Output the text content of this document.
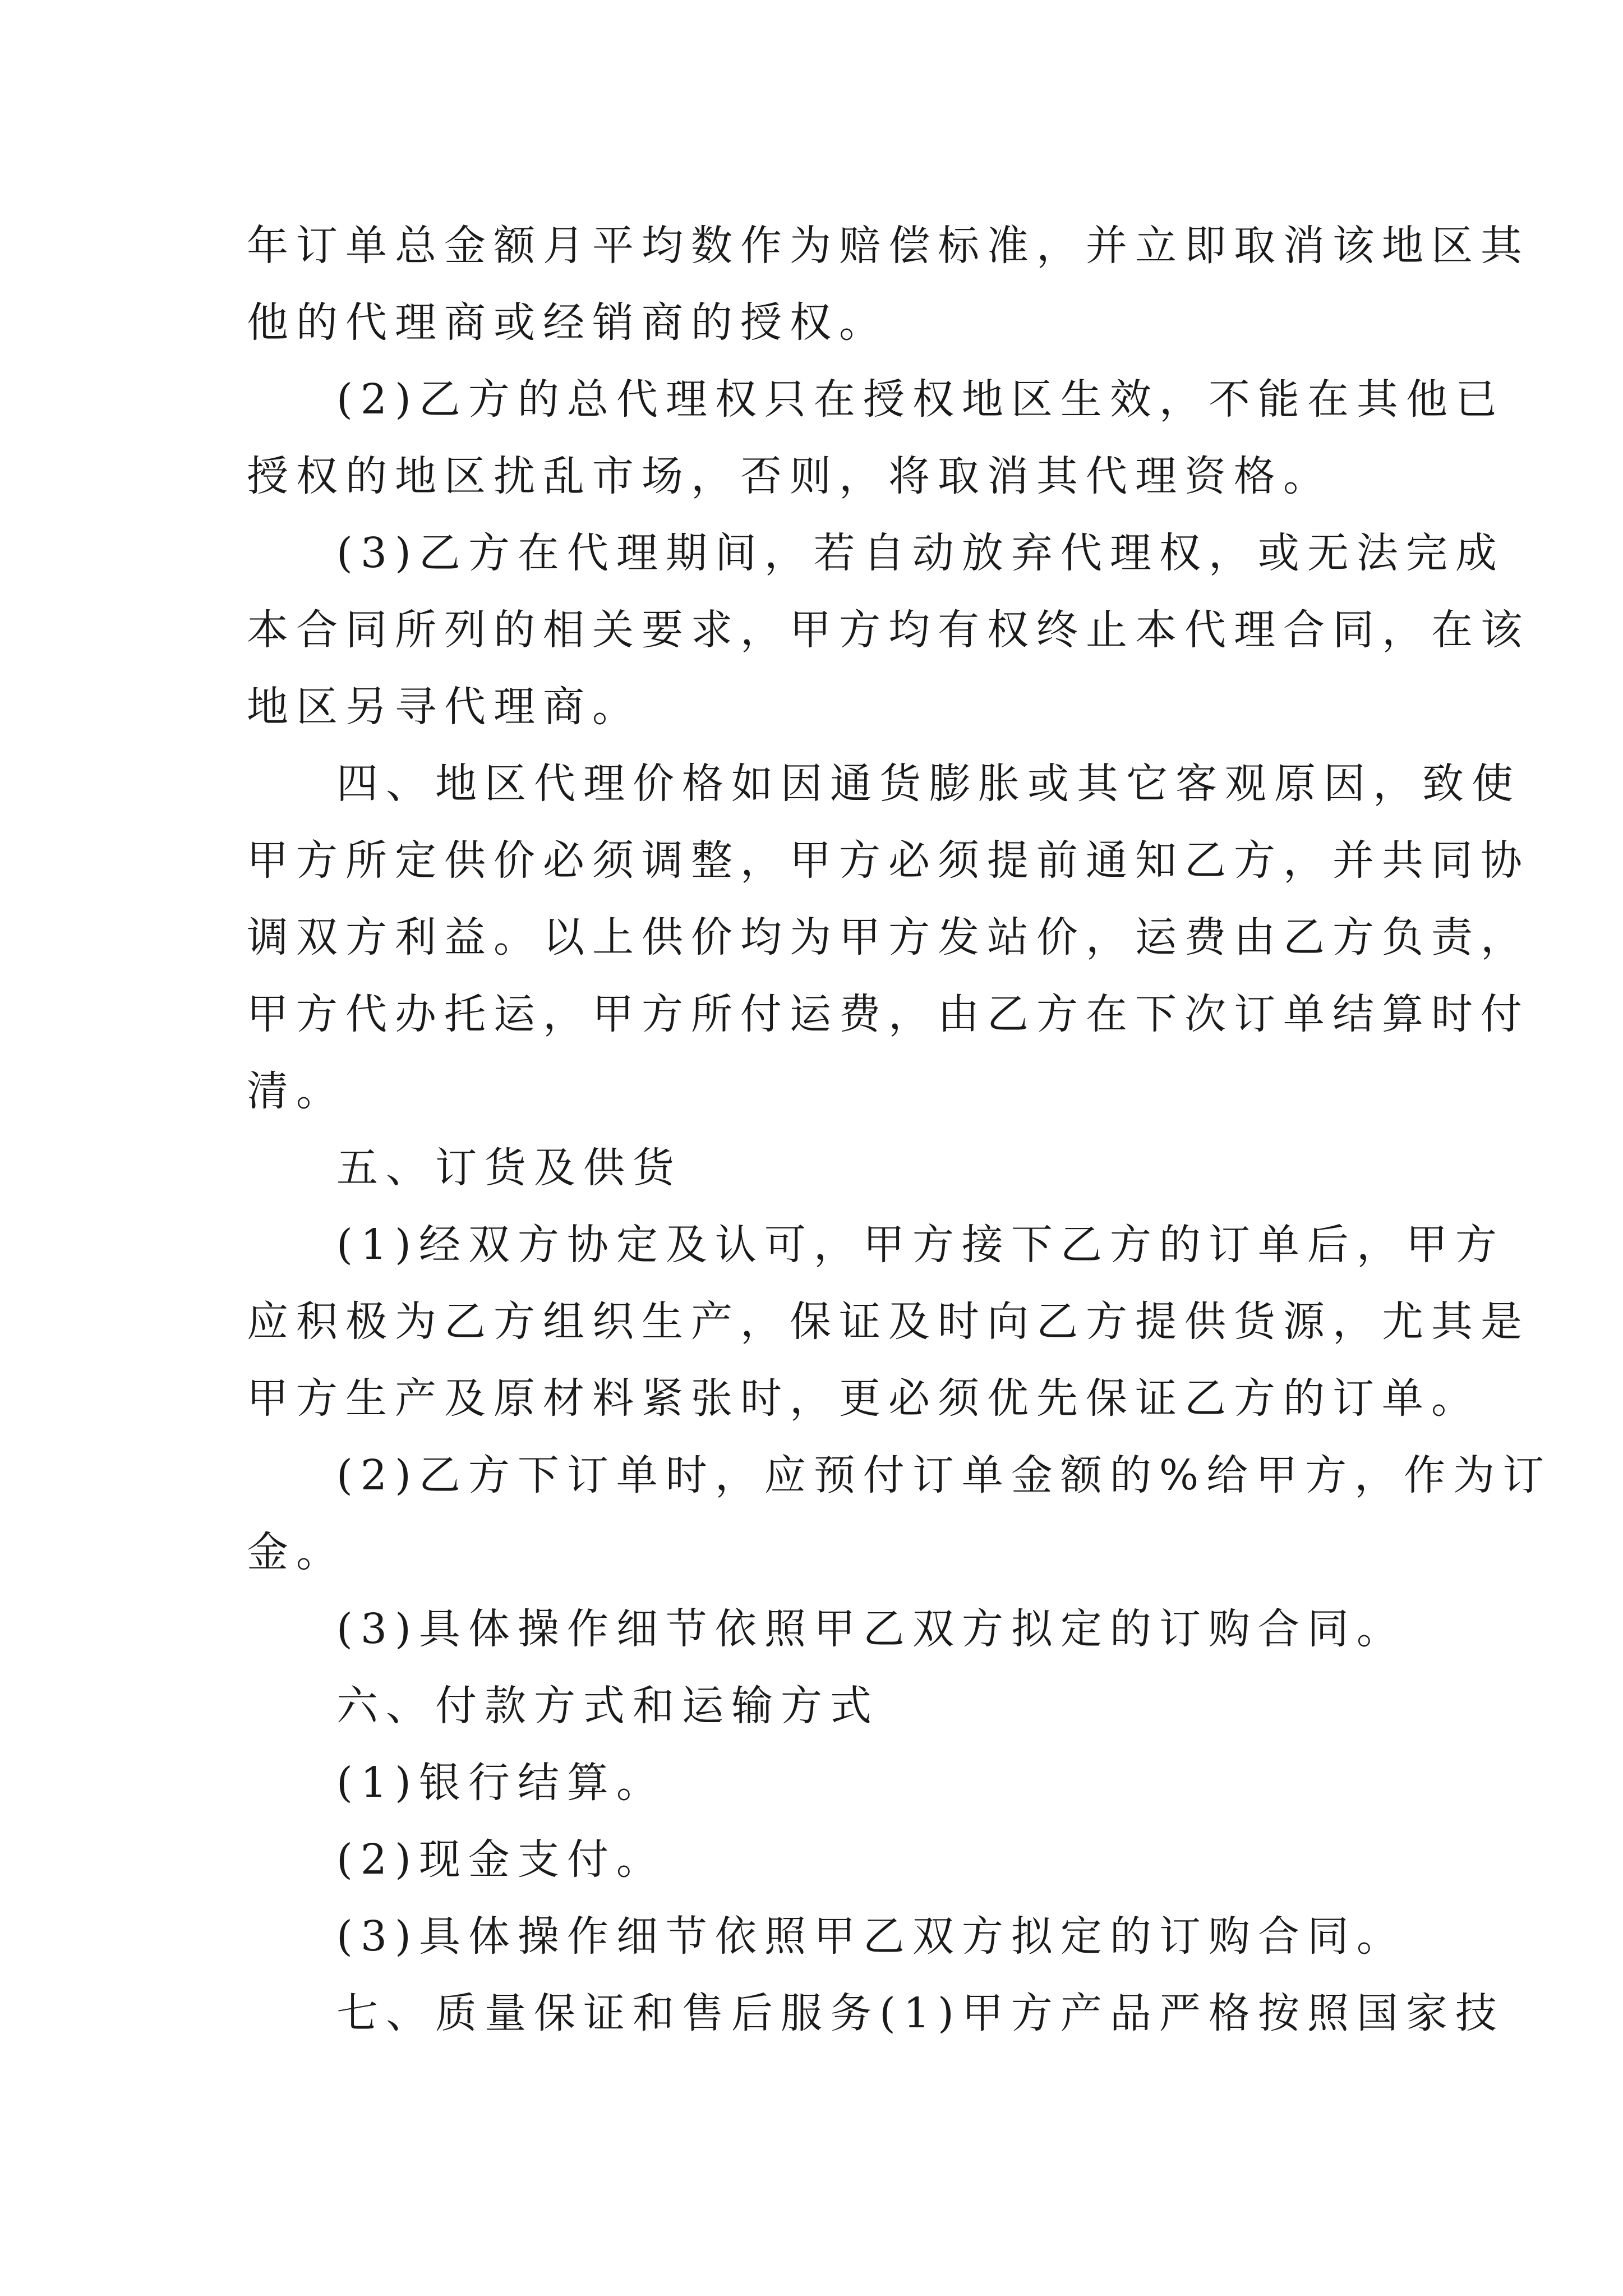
年订单总金额月平均数作为赔偿标准，并立即取消该地区其
他的代理商或经销商的授权。
(2)乙方的总代理权只在授权地区生效，不能在其他已
授权的地区扰乱市场，否则，将取消其代理资格。
(3)乙方在代理期间，若自动放弃代理权，或无法完成
本合同所列的相关要求，甲方均有权终止本代理合同，在该
地区另寻代理商。
四、地区代理价格如因通货膨胀或其它客观原因，致使
甲方所定供价必须调整，甲方必须提前通知乙方，并共同协
调双方利益。以上供价均为甲方发站价，运费由乙方负责，
甲方代办托运，甲方所付运费，由乙方在下次订单结算时付
清。
五、订货及供货
(1)经双方协定及认可，甲方接下乙方的订单后，甲方
应积极为乙方组织生产，保证及时向乙方提供货源，尤其是
甲方生产及原材料紧张时，更必须优先保证乙方的订单。
(2)乙方下订单时，应预付订单金额的%给甲方，作为订
金。
(3)具体操作细节依照甲乙双方拟定的订购合同。
六、付款方式和运输方式
(1)银行结算。
(2)现金支付。
(3)具体操作细节依照甲乙双方拟定的订购合同。
七、质量保证和售后服务(1)甲方产品严格按照国家技
